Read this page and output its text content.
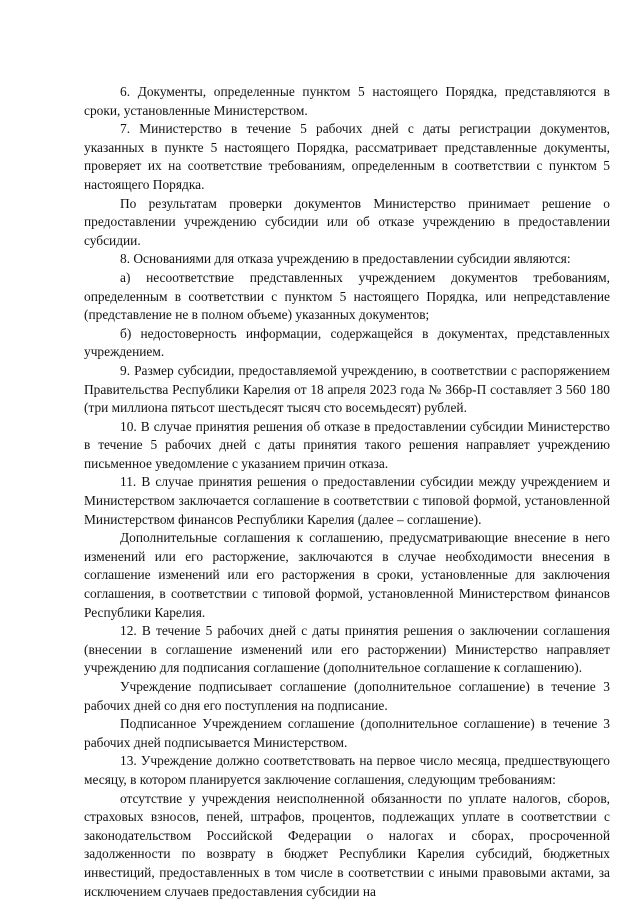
6. Документы, определенные пунктом 5 настоящего Порядка, представляются в сроки, установленные Министерством.

7. Министерство в течение 5 рабочих дней с даты регистрации документов, указанных в пункте 5 настоящего Порядка, рассматривает представленные документы, проверяет их на соответствие требованиям, определенным в соответствии с пунктом 5 настоящего Порядка.

По результатам проверки документов Министерство принимает решение о предоставлении учреждению субсидии или об отказе учреждению в предоставлении субсидии.

8. Основаниями для отказа учреждению в предоставлении субсидии являются:

а) несоответствие представленных учреждением документов требованиям, определенным в соответствии с пунктом 5 настоящего Порядка, или непредставление (представление не в полном объеме) указанных документов;

б) недостоверность информации, содержащейся в документах, представленных учреждением.

9. Размер субсидии, предоставляемой учреждению, в соответствии с распоряжением Правительства Республики Карелия от 18 апреля 2023 года № 366р-П составляет 3 560 180 (три миллиона пятьсот шестьдесят тысяч сто восемьдесят) рублей.

10. В случае принятия решения об отказе в предоставлении субсидии Министерство в течение 5 рабочих дней с даты принятия такого решения направляет учреждению письменное уведомление с указанием причин отказа.

11. В случае принятия решения о предоставлении субсидии между учреждением и Министерством заключается соглашение в соответствии с типовой формой, установленной Министерством финансов Республики Карелия (далее – соглашение).

Дополнительные соглашения к соглашению, предусматривающие внесение в него изменений или его расторжение, заключаются в случае необходимости внесения в соглашение изменений или его расторжения в сроки, установленные для заключения соглашения, в соответствии с типовой формой, установленной Министерством финансов Республики Карелия.

12. В течение 5 рабочих дней с даты принятия решения о заключении соглашения (внесении в соглашение изменений или его расторжении) Министерство направляет учреждению для подписания соглашение (дополнительное соглашение к соглашению).

Учреждение подписывает соглашение (дополнительное соглашение) в течение 3 рабочих дней со дня его поступления на подписание.

Подписанное Учреждением соглашение (дополнительное соглашение) в течение 3 рабочих дней подписывается Министерством.

13. Учреждение должно соответствовать на первое число месяца, предшествующего месяцу, в котором планируется заключение соглашения, следующим требованиям:

отсутствие у учреждения неисполненной обязанности по уплате налогов, сборов, страховых взносов, пеней, штрафов, процентов, подлежащих уплате в соответствии с законодательством Российской Федерации о налогах и сборах, просроченной задолженности по возврату в бюджет Республики Карелия субсидий, бюджетных инвестиций, предоставленных в том числе в соответствии с иными правовыми актами, за исключением случаев предоставления субсидии на
